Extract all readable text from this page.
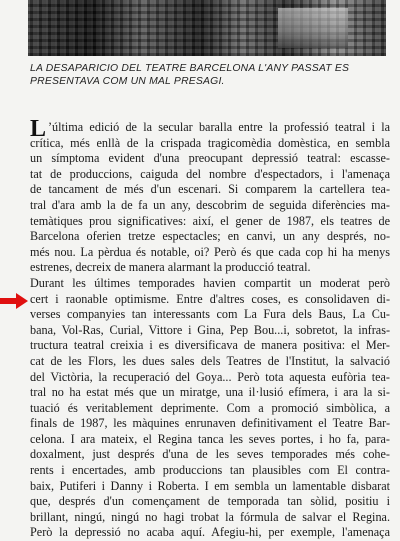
LA DESAPARICIO DEL TEATRE BARCELONA L'ANY PASSAT ES
PRESENTAVA COM UN MAL PRESAGI.
L ’última edició de la secular baralla entre la professió teatral i la
crítica, més enllà de la crispada tragicomèdia domèstica, en sembla
un símptoma evident d'una preocupant depressió teatral: escasse-
tat de produccions, caiguda del nombre d'espectadors, i l'amenaça
de tancament de més d'un escenari. Si comparem la cartellera tea-
tral d'ara amb la de fa un any, descobrim de seguida diferències ma-
temàtiques prou significatives: així, el gener de 1987, els teatres de
Barcelona oferien tretze espectacles; en canvi, un any després, no-
més nou. La pèrdua és notable, oi? Però és que cada cop hi ha menys
estrenes, decreix de manera alarmant la producció teatral.
Durant les últimes temporades havien compartit un moderat però
cert i raonable optimisme. Entre d'altres coses, es consolidaven di-
verses companyies tan interessants com La Fura dels Baus, La Cu-
bana, Vol-Ras, Curial, Vittore i Gina, Pep Bou...i, sobretot, la infras-
tructura teatral creixia i es diversificava de manera positiva: el Mer-
cat de les Flors, les dues sales dels Teatres de l'Institut, la salvació
del Victòria, la recuperació del Goya... Però tota aquesta eufòria tea-
tral no ha estat més que un miratge, una il·lusió efímera, i ara la si-
tuació és veritablement deprimente. Com a promoció simbòlica, a
finals de 1987, les màquines enrunaven definitivament el Teatre Bar-
celona. I ara mateix, el Regina tanca les seves portes, i ho fa, para-
doxalment, just després d'una de les seves temporades més cohe-
rents i encertades, amb produccions tan plausibles com El contra-
baix, Putiferi i Danny i Roberta. I em sembla un lamentable disbarat
que, després d'un començament de temporada tan sòlid, positiu i
brillant, ningú, ningú no hagi trobat la fórmula de salvar el Regina.
Però la depressió no acaba aquí. Afegiu-hi, per exemple, l'amenaça
